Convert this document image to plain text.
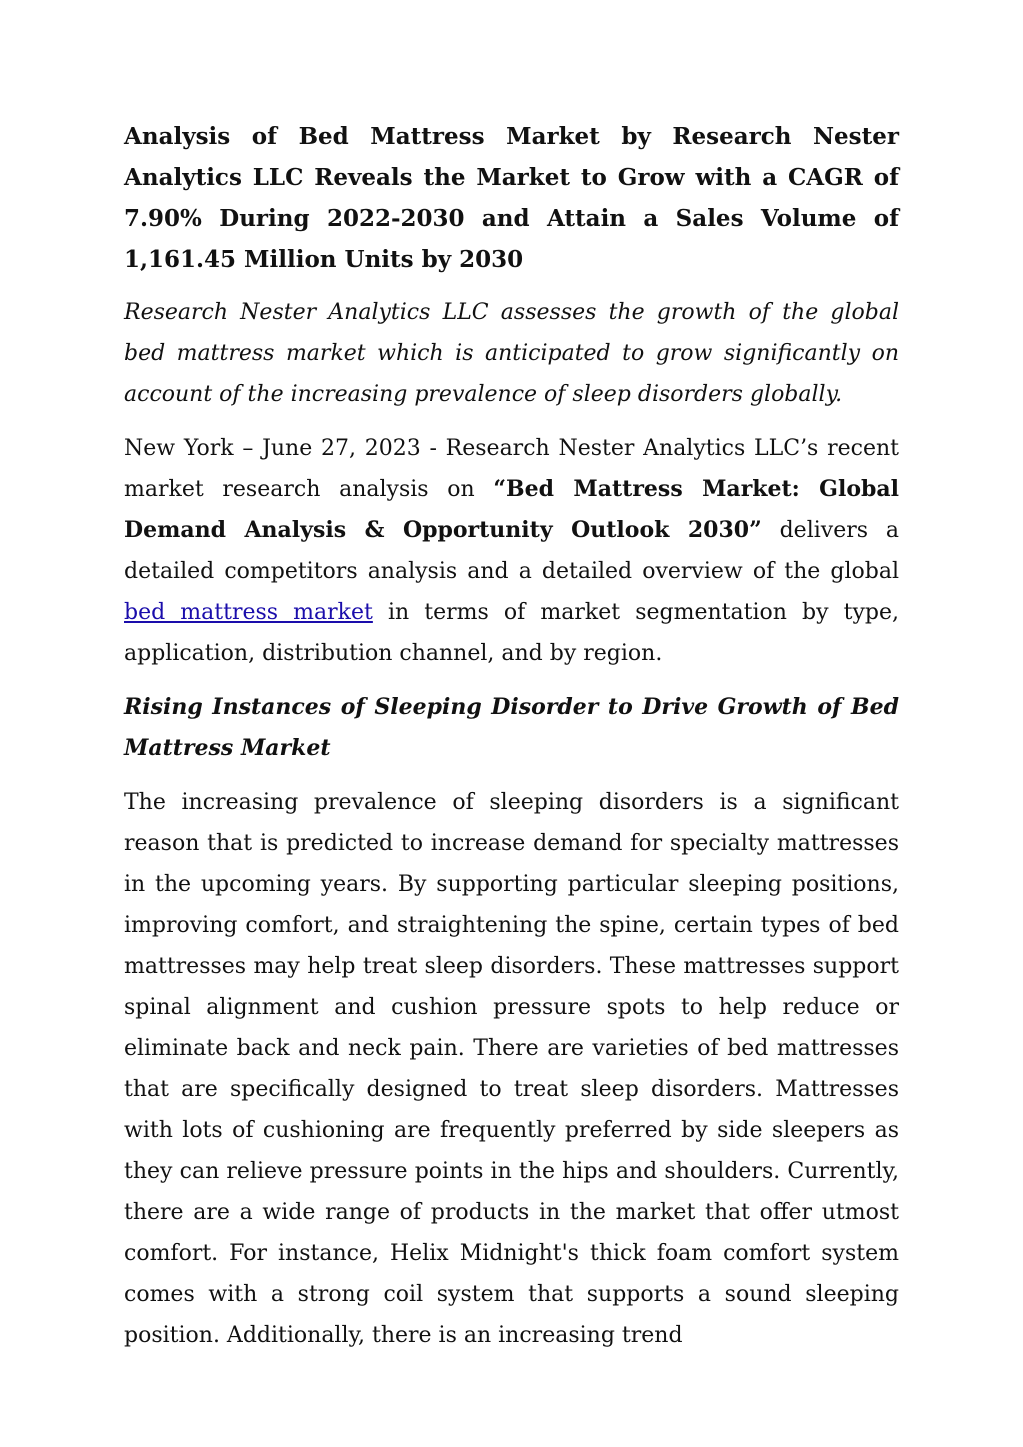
Analysis of Bed Mattress Market by Research Nester Analytics LLC Reveals the Market to Grow with a CAGR of 7.90% During 2022-2030 and Attain a Sales Volume of 1,161.45 Million Units by 2030

Research Nester Analytics LLC assesses the growth of the global bed mattress market which is anticipated to grow significantly on account of the increasing prevalence of sleep disorders globally.

New York – June 27, 2023 - Research Nester Analytics LLC’s recent market research analysis on “Bed Mattress Market: Global Demand Analysis & Opportunity Outlook 2030” delivers a detailed competitors analysis and a detailed overview of the global bed mattress market in terms of market segmentation by type, application, distribution channel, and by region.

Rising Instances of Sleeping Disorder to Drive Growth of Bed Mattress Market

The increasing prevalence of sleeping disorders is a significant reason that is predicted to increase demand for specialty mattresses in the upcoming years. By supporting particular sleeping positions, improving comfort, and straightening the spine, certain types of bed mattresses may help treat sleep disorders. These mattresses support spinal alignment and cushion pressure spots to help reduce or eliminate back and neck pain. There are varieties of bed mattresses that are specifically designed to treat sleep disorders. Mattresses with lots of cushioning are frequently preferred by side sleepers as they can relieve pressure points in the hips and shoulders. Currently, there are a wide range of products in the market that offer utmost comfort. For instance, Helix Midnight's thick foam comfort system comes with a strong coil system that supports a sound sleeping position. Additionally, there is an increasing trend
